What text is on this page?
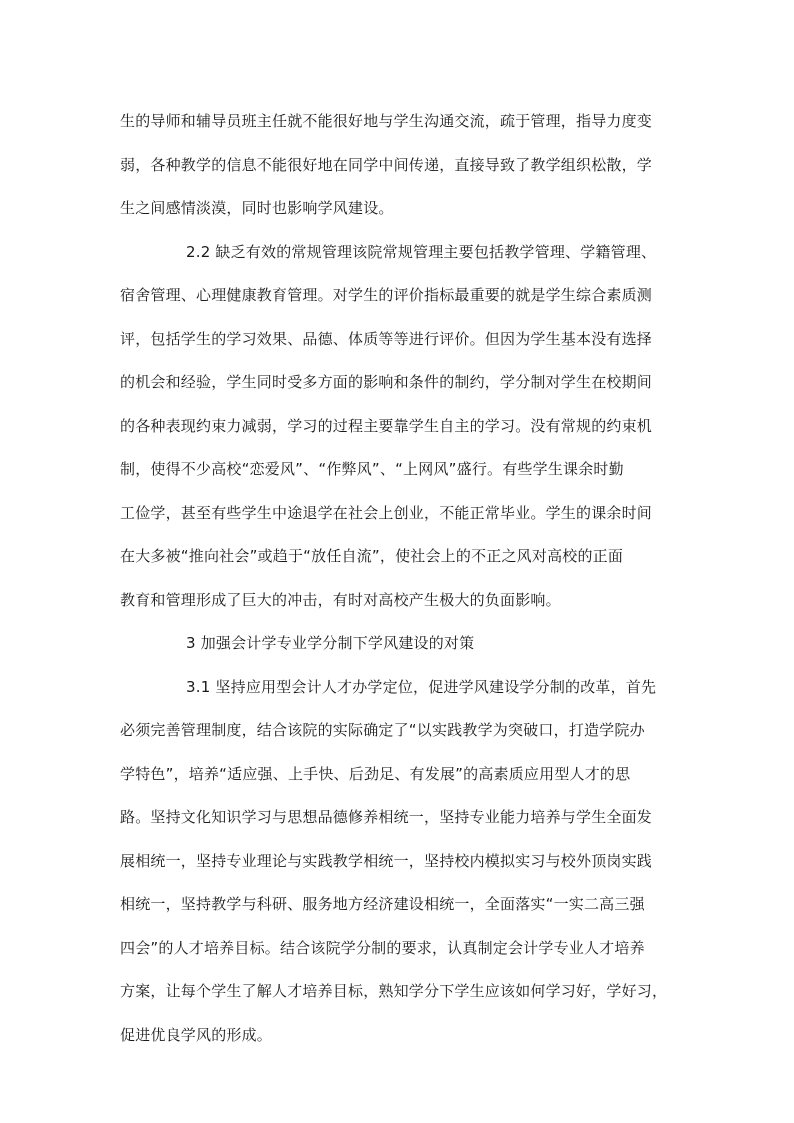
生的导师和辅导员班主任就不能很好地与学生沟通交流，疏于管理，指导力度变
弱，各种教学的信息不能很好地在同学中间传递，直接导致了教学组织松散，学
生之间感情淡漠，同时也影响学风建设。
2.2 缺乏有效的常规管理该院常规管理主要包括教学管理、学籍管理、
宿舍管理、心理健康教育管理。对学生的评价指标最重要的就是学生综合素质测
评，包括学生的学习效果、品德、体质等等进行评价。但因为学生基本没有选择
的机会和经验，学生同时受多方面的影响和条件的制约，学分制对学生在校期间
的各种表现约束力减弱，学习的过程主要靠学生自主的学习。没有常规的约束机
制，使得不少高校“恋爱风”、“作弊风”、“上网风”盛行。有些学生课余时勤
工俭学，甚至有些学生中途退学在社会上创业，不能正常毕业。学生的课余时间
在大多被“推向社会”或趋于“放任自流”，使社会上的不正之风对高校的正面
教育和管理形成了巨大的冲击，有时对高校产生极大的负面影响。
3 加强会计学专业学分制下学风建设的对策
3.1 坚持应用型会计人才办学定位，促进学风建设学分制的改革，首先
必须完善管理制度，结合该院的实际确定了“以实践教学为突破口，打造学院办
学特色”，培养“适应强、上手快、后劲足、有发展”的高素质应用型人才的思
路。坚持文化知识学习与思想品德修养相统一，坚持专业能力培养与学生全面发
展相统一，坚持专业理论与实践教学相统一，坚持校内模拟实习与校外顶岗实践
相统一，坚持教学与科研、服务地方经济建设相统一，全面落实“一实二高三强
四会”的人才培养目标。结合该院学分制的要求，认真制定会计学专业人才培养
方案，让每个学生了解人才培养目标，熟知学分下学生应该如何学习好，学好习，
促进优良学风的形成。
